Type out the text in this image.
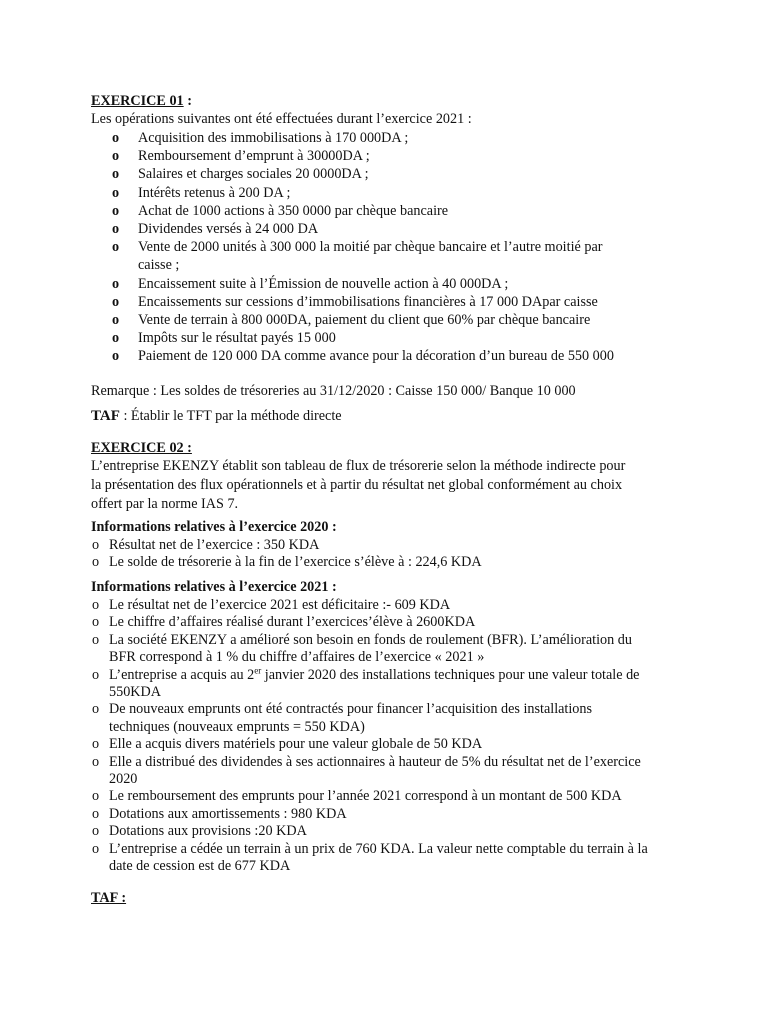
EXERCICE 01 :
Les opérations suivantes ont été effectuées durant l’exercice 2021 :
o Acquisition des immobilisations à 170 000DA ;
o Remboursement d’emprunt à 30000DA ;
o Salaires et charges sociales 20 0000DA ;
o Intérêts retenus à 200 DA ;
o Achat de 1000 actions à 350 0000 par chèque bancaire
o Dividendes versés à 24 000 DA
o Vente de 2000 unités à 300 000 la moitié par chèque bancaire et l’autre moitié par
caisse ;
o Encaissement suite à l’Émission de nouvelle action à 40 000DA ;
o Encaissements sur cessions d’immobilisations financières à 17 000 DApar caisse
o Vente de terrain à 800 000DA, paiement du client que 60% par chèque bancaire
o Impôts sur le résultat payés 15 000
o Paiement de 120 000 DA comme avance pour la décoration d’un bureau de 550 000
Remarque : Les soldes de trésoreries au 31/12/2020 : Caisse 150 000/ Banque 10 000
TAF : Établir le TFT par la méthode directe
EXERCICE 02 :
L’entreprise EKENZY établit son tableau de flux de trésorerie selon la méthode indirecte pour
la présentation des flux opérationnels et à partir du résultat net global conformément au choix
offert par la norme IAS 7.
Informations relatives à l’exercice 2020 :
o Résultat net de l’exercice : 350 KDA
o Le solde de trésorerie à la fin de l’exercice s’élève à : 224,6 KDA
Informations relatives à l’exercice 2021 :
o Le résultat net de l’exercice 2021 est déficitaire :- 609 KDA
o Le chiffre d’affaires réalisé durant l’exercices’élève à 2600KDA
o La société EKENZY a amélioré son besoin en fonds de roulement (BFR). L’amélioration du
BFR correspond à 1 % du chiffre d’affaires de l’exercice « 2021 »
o L’entreprise a acquis au 2er janvier 2020 des installations techniques pour une valeur totale de
550KDA
o De nouveaux emprunts ont été contractés pour financer l’acquisition des installations
techniques (nouveaux emprunts = 550 KDA)
o Elle a acquis divers matériels pour une valeur globale de 50 KDA
o Elle a distribué des dividendes à ses actionnaires à hauteur de 5% du résultat net de l’exercice
2020
o Le remboursement des emprunts pour l’année 2021 correspond à un montant de 500 KDA
o Dotations aux amortissements : 980 KDA
o Dotations aux provisions :20 KDA
o L’entreprise a cédée un terrain à un prix de 760 KDA. La valeur nette comptable du terrain à la
date de cession est de 677 KDA
TAF :
